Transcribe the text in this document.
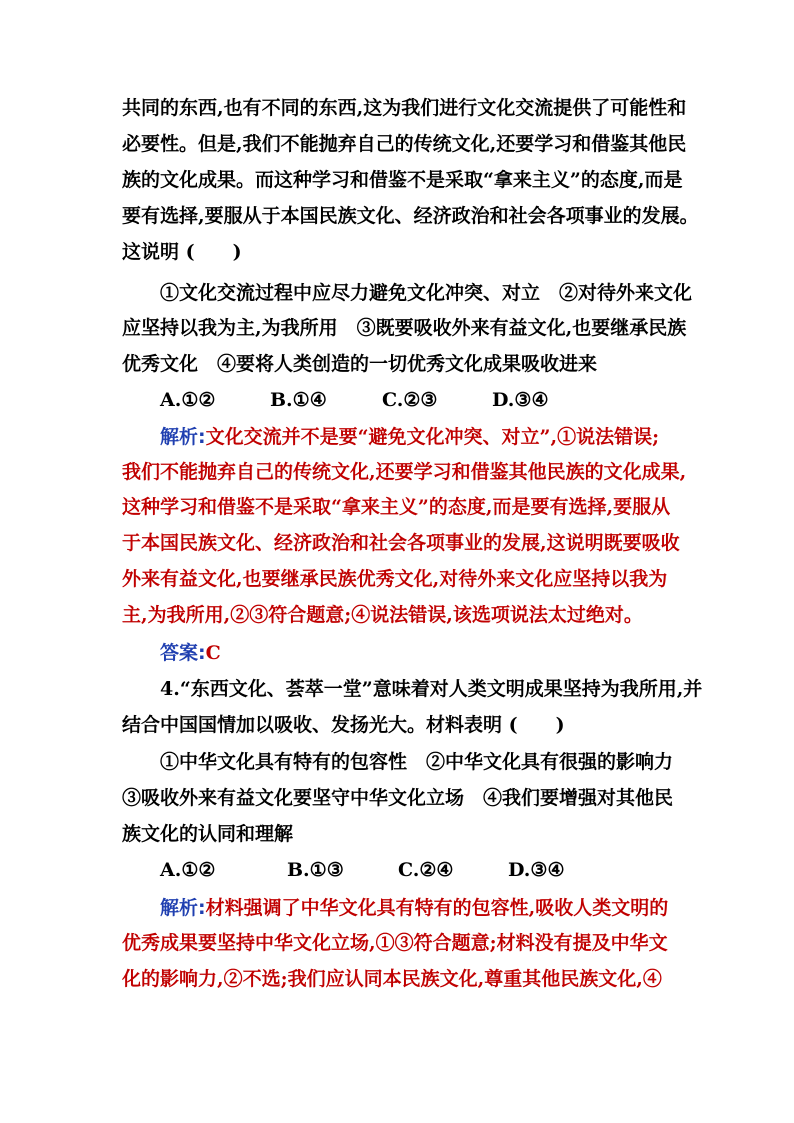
共同的东西,也有不同的东西,这为我们进行文化交流提供了可能性和
必要性。但是,我们不能抛弃自己的传统文化,还要学习和借鉴其他民
族的文化成果。而这种学习和借鉴不是采取“拿来主义”的态度,而是
要有选择,要服从于本国民族文化、经济政治和社会各项事业的发展。
这说明 (　　)
①文化交流过程中应尽力避免文化冲突、对立　②对待外来文化
应坚持以我为主,为我所用　③既要吸收外来有益文化,也要继承民族
优秀文化　④要将人类创造的一切优秀文化成果吸收进来
A.①②	B.①④	C.②③	D.③④
解析:文化交流并不是要“避免文化冲突、对立”,①说法错误;
我们不能抛弃自己的传统文化,还要学习和借鉴其他民族的文化成果,
这种学习和借鉴不是采取“拿来主义”的态度,而是要有选择,要服从
于本国民族文化、经济政治和社会各项事业的发展,这说明既要吸收
外来有益文化,也要继承民族优秀文化,对待外来文化应坚持以我为
主,为我所用,②③符合题意;④说法错误,该选项说法太过绝对。
答案:C
4.“东西文化、荟萃一堂”意味着对人类文明成果坚持为我所用,并
结合中国国情加以吸收、发扬光大。材料表明 (　　)
①中华文化具有特有的包容性　②中华文化具有很强的影响力
③吸收外来有益文化要坚守中华文化立场　④我们要增强对其他民
族文化的认同和理解
A.①②	B.①③	C.②④	D.③④
解析:材料强调了中华文化具有特有的包容性,吸收人类文明的
优秀成果要坚持中华文化立场,①③符合题意;材料没有提及中华文
化的影响力,②不选;我们应认同本民族文化,尊重其他民族文化,④
